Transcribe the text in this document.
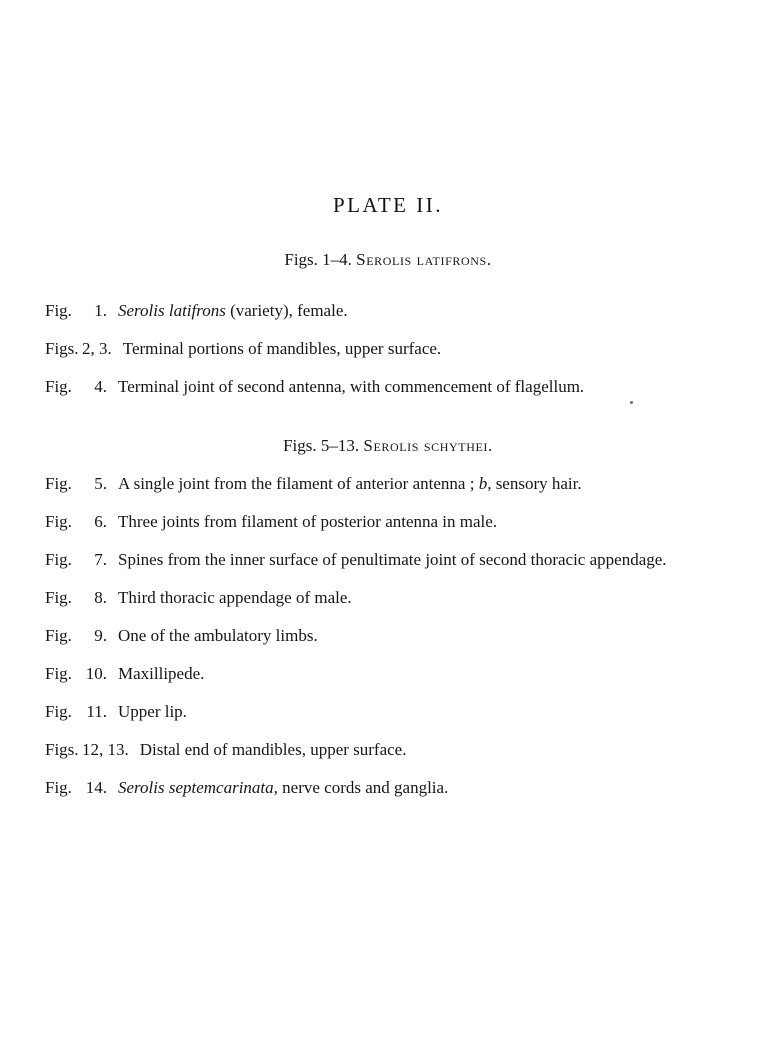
PLATE II.
Figs. 1–4. Serolis latifrons.
Fig.	1. Serolis latifrons (variety), female.
Figs. 2, 3. Terminal portions of mandibles, upper surface.
Fig.	4. Terminal joint of second antenna, with commencement of flagellum.
Figs. 5–13. Serolis schythei.
Fig.	5. A single joint from the filament of anterior antenna ; b, sensory hair.
Fig.	6. Three joints from filament of posterior antenna in male.
Fig.	7. Spines from the inner surface of penultimate joint of second thoracic appendage.
Fig.	8. Third thoracic appendage of male.
Fig.	9. One of the ambulatory limbs.
Fig. 10. Maxillipede.
Fig. 11. Upper lip.
Figs. 12, 13. Distal end of mandibles, upper surface.
Fig. 14. Serolis septemcarinata, nerve cords and ganglia.
